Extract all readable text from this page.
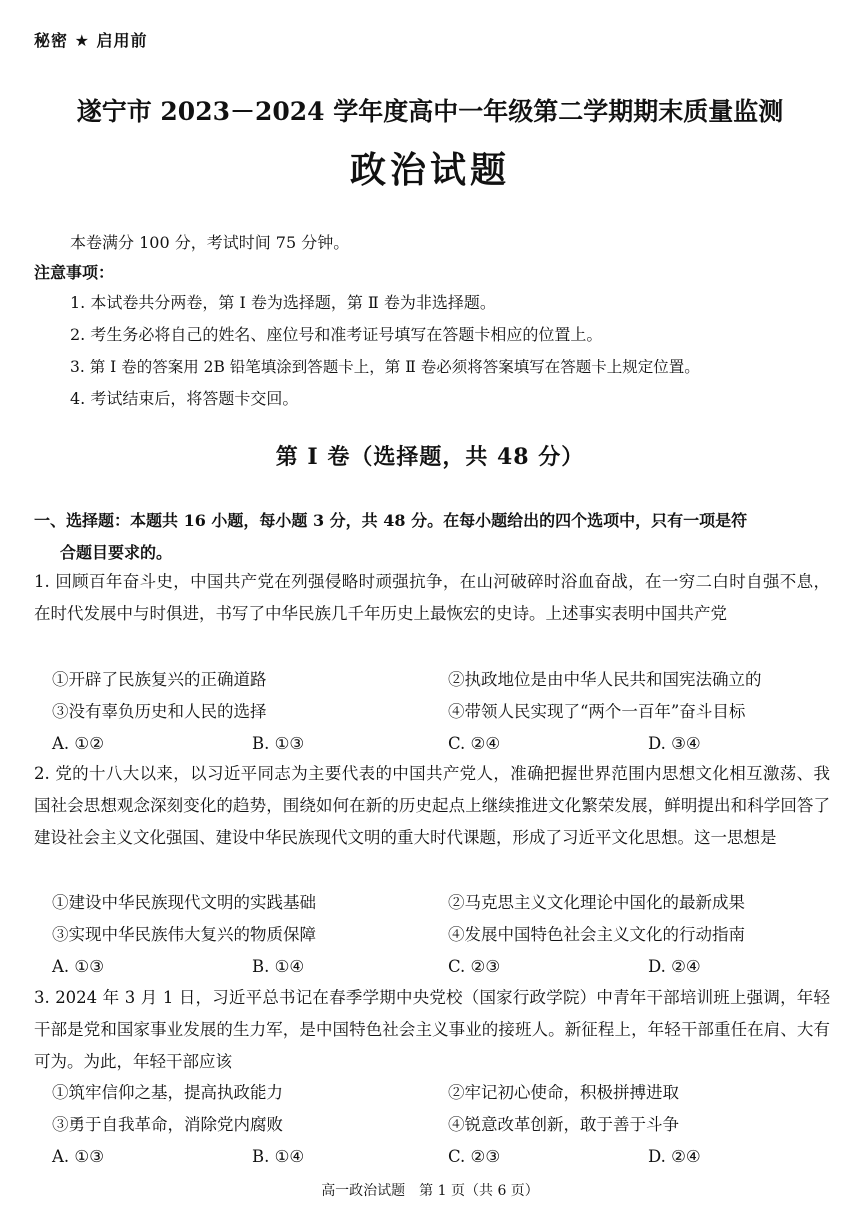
秘密 ★ 启用前
遂宁市 2023－2024 学年度高中一年级第二学期期末质量监测
政治试题
本卷满分 100 分，考试时间 75 分钟。
注意事项：
1. 本试卷共分两卷，第 Ⅰ 卷为选择题，第 Ⅱ 卷为非选择题。
2. 考生务必将自己的姓名、座位号和准考证号填写在答题卡相应的位置上。
3. 第 Ⅰ 卷的答案用 2B 铅笔填涂到答题卡上，第 Ⅱ 卷必须将答案填写在答题卡上规定位置。
4. 考试结束后，将答题卡交回。
第 Ⅰ 卷（选择题，共 48 分）
一、选择题：本题共 16 小题，每小题 3 分，共 48 分。在每小题给出的四个选项中，只有一项是符
合题目要求的。
1. 回顾百年奋斗史，中国共产党在列强侵略时顽强抗争，在山河破碎时浴血奋战，在一穷二白时自强不息，在时代发展中与时俱进，书写了中华民族几千年历史上最恢宏的史诗。上述事实表明中国共产党
①开辟了民族复兴的正确道路	②执政地位是由中华人民共和国宪法确立的
③没有辜负历史和人民的选择	④带领人民实现了“两个一百年”奋斗目标
A. ①②	B. ①③	C. ②④	D. ③④
2. 党的十八大以来，以习近平同志为主要代表的中国共产党人，准确把握世界范围内思想文化相互激荡、我国社会思想观念深刻变化的趋势，围绕如何在新的历史起点上继续推进文化繁荣发展，鲜明提出和科学回答了建设社会主义文化强国、建设中华民族现代文明的重大时代课题，形成了习近平文化思想。这一思想是
①建设中华民族现代文明的实践基础	②马克思主义文化理论中国化的最新成果
③实现中华民族伟大复兴的物质保障	④发展中国特色社会主义文化的行动指南
A. ①③	B. ①④	C. ②③	D. ②④
3. 2024 年 3 月 1 日，习近平总书记在春季学期中央党校（国家行政学院）中青年干部培训班上强调，年轻干部是党和国家事业发展的生力军，是中国特色社会主义事业的接班人。新征程上，年轻干部重任在肩、大有可为。为此，年轻干部应该
①筑牢信仰之基，提高执政能力	②牢记初心使命，积极拼搏进取
③勇于自我革命，消除党内腐败	④锐意改革创新，敢于善于斗争
A. ①③	B. ①④	C. ②③	D. ②④
高一政治试题　第 1 页（共 6 页）
